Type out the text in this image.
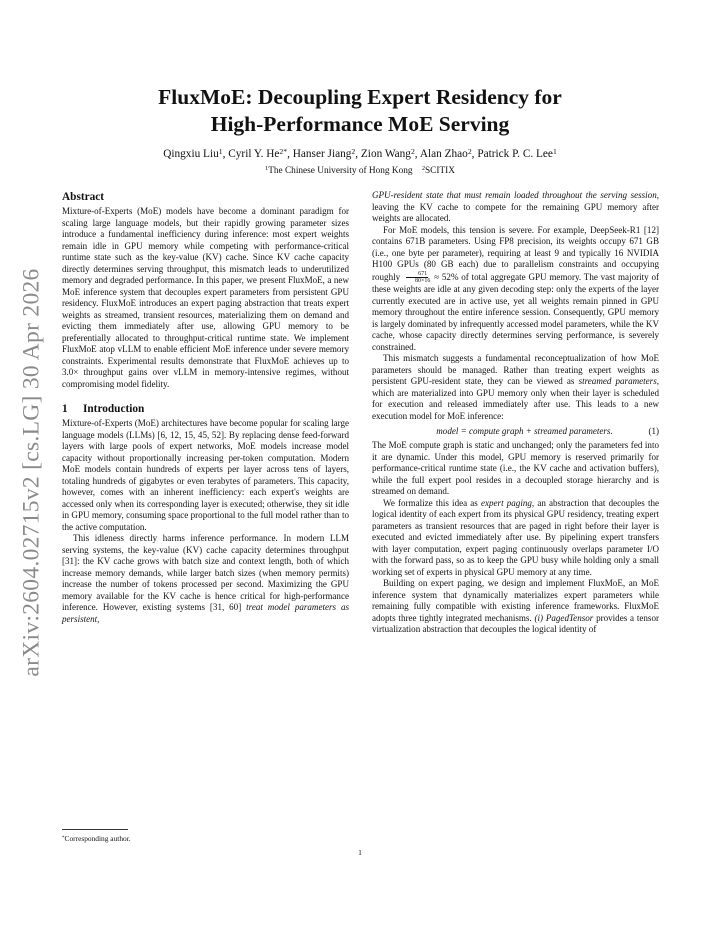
arXiv:2604.02715v2 [cs.LG] 30 Apr 2026
FluxMoE: Decoupling Expert Residency for
High-Performance MoE Serving
Qingxiu Liu$^1$, Cyril Y. $He^{2*}$, Hanser Jiang$^2$, Zion Wang$^2$, Alan Zhao$^2$, Patrick P. C. Lee$^1$
$^1$The Chinese University of Hong Kong $^2$SCITIX
Abstract

Mixture-of-Experts (MoE) models have become a dominant paradigm for scaling large language models, but their rapidly growing parameter sizes introduce a fundamental inefficiency during inference: most expert weights remain idle in GPU memory while competing with performance-critical runtime state such as the key-value (KV) cache. Since KV cache capacity directly determines serving throughput, this mismatch leads to underutilized memory and degraded performance. In this paper, we present FluxMoE, a new MoE inference system that decouples expert parameters from persistent GPU residency. FluxMoE introduces an expert paging abstraction that treats expert weights as streamed, transient resources, materializing them on demand and evicting them immediately after use, allowing GPU memory to be preferentially allocated to throughput-critical runtime state. We implement FluxMoE atop vLLM to enable efficient MoE inference under severe memory constraints. Experimental results demonstrate that FluxMoE achieves up to 3.0× throughput gains over vLLM in memory-intensive regimes, without compromising model fidelity.

1 Introduction

Mixture-of-Experts (MoE) architectures have become popular for scaling large language models (LLMs) [6, 12, 15, 45, 52]. By replacing dense feed-forward layers with large pools of expert networks, MoE models increase model capacity without proportionally increasing per-token computation. Modern MoE models contain hundreds of experts per layer across tens of layers, totaling hundreds of gigabytes or even terabytes of parameters. This capacity, however, comes with an inherent inefficiency: each expert's weights are accessed only when its corresponding layer is executed; otherwise, they sit idle in GPU memory, consuming space proportional to the full model rather than to the active computation.

This idleness directly harms inference performance. In modern LLM serving systems, the key-value (KV) cache capacity determines throughput [31]: the KV cache grows with batch size and context length, both of which increase memory demands, while larger batch sizes (when memory permits) increase the number of tokens processed per second. Maximizing the GPU memory available for the KV cache is hence critical for high-performance inference. However, existing systems [31, 60] treat model parameters as persistent,

GPU-resident state that must remain loaded throughout the serving session, leaving the KV cache to compete for the remaining GPU memory after weights are allocated.

For MoE models, this tension is severe. For example, DeepSeek-R1 [12] contains 671B parameters. Using FP8 precision, its weights occupy 671 GB (i.e., one byte per parameter), requiring at least 9 and typically 16 NVIDIA H100 GPUs (80 GB each) due to parallelism constraints and occupying roughly $\frac{671}{80\times 16} \approx 52\%$ of total aggregate GPU memory. The vast majority of these weights are idle at any given decoding step: only the experts of the layer currently executed are in active use, yet all weights remain pinned in GPU memory throughout the entire inference session. Consequently, GPU memory is largely dominated by infrequently accessed model parameters, while the KV cache, whose capacity directly determines serving performance, is severely constrained.

This mismatch suggests a fundamental reconceptualization of how MoE parameters should be managed. Rather than treating expert weights as persistent GPU-resident state, they can be viewed as streamed parameters, which are materialized into GPU memory only when their layer is scheduled for execution and released immediately after use. This leads to a new execution model for MoE inference:

model = compute graph + streamed parameters.	(1)

The MoE compute graph is static and unchanged; only the parameters fed into it are dynamic. Under this model, GPU memory is reserved primarily for performance-critical runtime state (i.e., the KV cache and activation buffers), while the full expert pool resides in a decoupled storage hierarchy and is streamed on demand.

We formalize this idea as expert paging, an abstraction that decouples the logical identity of each expert from its physical GPU residency, treating expert parameters as transient resources that are paged in right before their layer is executed and evicted immediately after use. By pipelining expert transfers with layer computation, expert paging continuously overlaps parameter I/O with the forward pass, so as to keep the GPU busy while holding only a small working set of experts in physical GPU memory at any time.

Building on expert paging, we design and implement FluxMoE, an MoE inference system that dynamically materializes expert parameters while remaining fully compatible with existing inference frameworks. FluxMoE adopts three tightly integrated mechanisms. (i) PagedTensor provides a tensor virtualization abstraction that decouples the logical identity of

*Corresponding author.
1
